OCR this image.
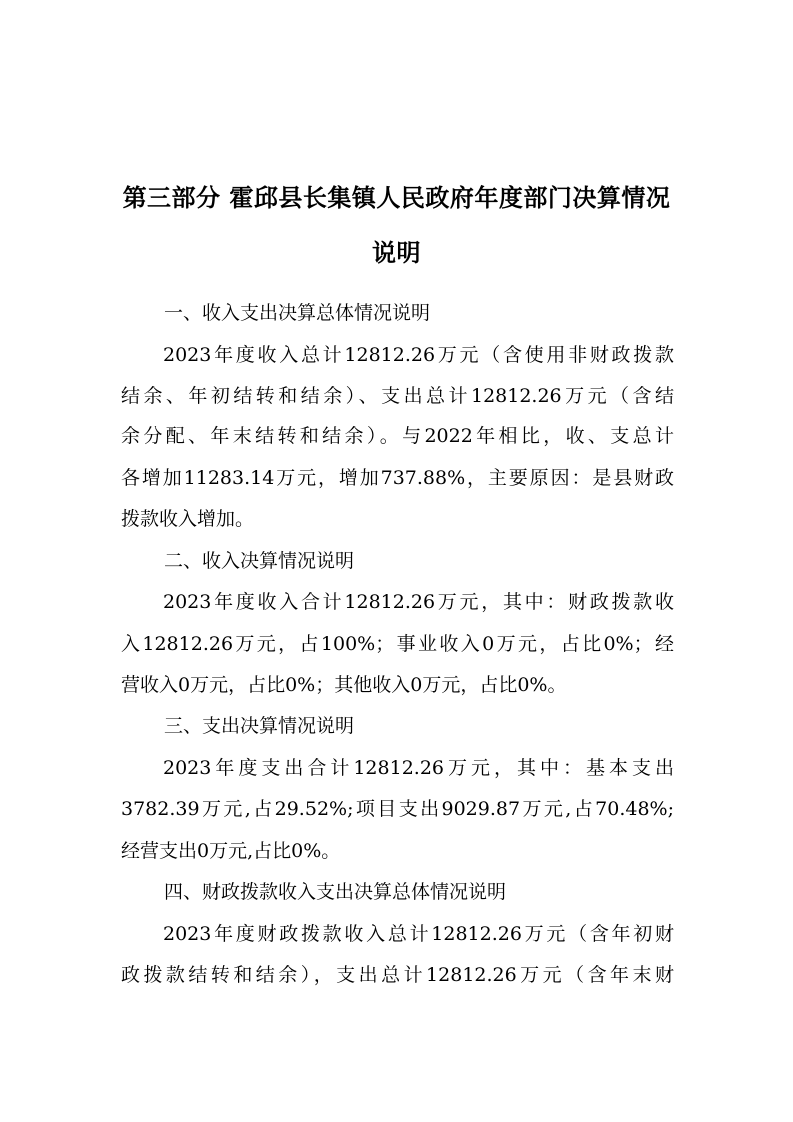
第三部分 霍邱县长集镇人民政府年度部门决算情况
说明
一、收入支出决算总体情况说明
2023年度收入总计12812.26万元（含使用非财政拨款
结余、年初结转和结余）、支出总计12812.26万元（含结
余分配、年末结转和结余）。与2022年相比，收、支总计
各增加11283.14万元，增加737.88%，主要原因：是县财政
拨款收入增加。
二、收入决算情况说明
2023年度收入合计12812.26万元，其中：财政拨款收
入12812.26万元，占100%；事业收入0万元，占比0%；经
营收入0万元，占比0%；其他收入0万元，占比0%。
三、支出决算情况说明
2023年度支出合计12812.26万元，其中：基本支出
3782.39万元,占29.52%;项目支出9029.87万元,占70.48%;
经营支出0万元,占比0%。
四、财政拨款收入支出决算总体情况说明
2023年度财政拨款收入总计12812.26万元（含年初财
政拨款结转和结余），支出总计12812.26万元（含年末财
